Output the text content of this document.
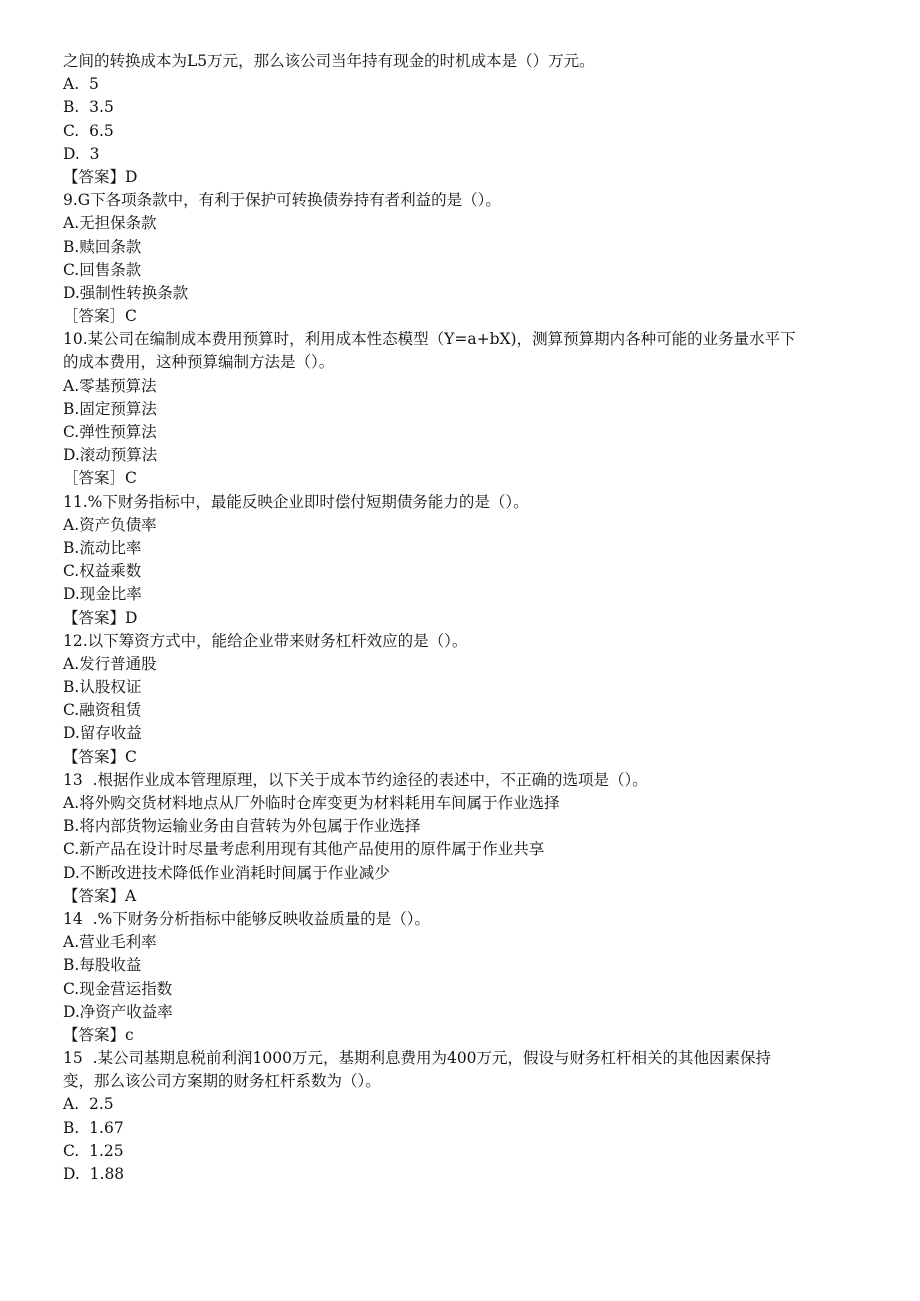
之间的转换成本为L5万元，那么该公司当年持有现金的时机成本是（）万元。
A.  5
B.  3.5
C.  6.5
D.  3
【答案】D
9.G下各项条款中，有利于保护可转换债券持有者利益的是（）。
A.无担保条款
B.赎回条款
C.回售条款
D.强制性转换条款
［答案］C
10.某公司在编制成本费用预算时，利用成本性态模型（Y=a+bX)，测算预算期内各种可能的业务量水平下
的成本费用，这种预算编制方法是（）。
A.零基预算法
B.固定预算法
C.弹性预算法
D.滚动预算法
［答案］C
11.%下财务指标中，最能反映企业即时偿付短期债务能力的是（）。
A.资产负债率
B.流动比率
C.权益乘数
D.现金比率
【答案】D
12.以下筹资方式中，能给企业带来财务杠杆效应的是（）。
A.发行普通股
B.认股权证
C.融资租赁
D.留存收益
【答案】C
13  .根据作业成本管理原理，以下关于成本节约途径的表述中，不正确的选项是（）。
A.将外购交货材料地点从厂外临时仓库变更为材料耗用车间属于作业选择
B.将内部货物运输业务由自营转为外包属于作业选择
C.新产品在设计时尽量考虑利用现有其他产品使用的原件属于作业共享
D.不断改进技术降低作业消耗时间属于作业减少
【答案】A
14  .%下财务分析指标中能够反映收益质量的是（）。
A.营业毛利率
B.每股收益
C.现金营运指数
D.净资产收益率
【答案】c
15  .某公司基期息税前利润1000万元，基期利息费用为400万元，假设与财务杠杆相关的其他因素保持
变，那么该公司方案期的财务杠杆系数为（）。
A.  2.5
B.  1.67
C.  1.25
D.  1.88
